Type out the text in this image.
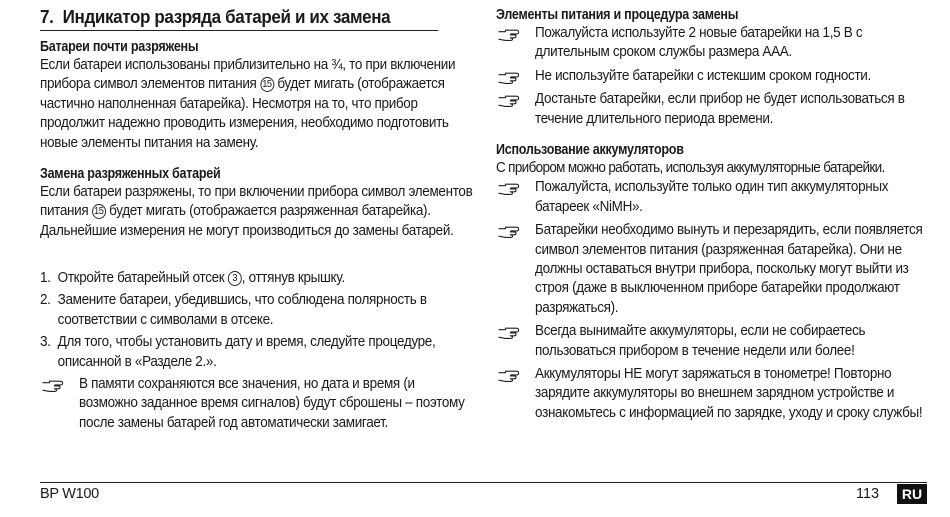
7. Индикатор разряда батарей и их замена
Батареи почти разряжены

Если батареи использованы приблизительно на ¾, то при включении прибора символ элементов питания 15 будет мигать (отображается частично наполненная батарейка). Несмотря на то, что прибор продолжит надежно проводить измерения, необходимо подготовить новые элементы питания на замену.

Замена разряженных батарей

Если батареи разряжены, то при включении прибора символ элементов питания 15 будет мигать (отображается разряженная батарейка). Дальнейшие измерения не могут производиться до замены батарей.

1. Откройте батарейный отсек 3 , оттянув крышку.
2. Замените батареи, убедившись, что соблюдена полярность в соответствии с символами в отсеке.
3. Для того, чтобы установить дату и время, следуйте процедуре, описанной в «Разделе 2.».
В памяти сохраняются все значения, но дата и время (и возможно заданное время сигналов) будут сброшены – поэтому после замены батарей год автоматически замигает.
Элементы питания и процедура замены
Пожалуйста используйте 2 новые батарейки на 1,5 В с длительным сроком службы размера ААА.
Не используйте батарейки с истекшим сроком годности.
Достаньте батарейки, если прибор не будет использоваться в течение длительного периода времени.
Использование аккумуляторов

С прибором можно работать, используя аккумуляторные батарейки.

Пожалуйста, используйте только один тип аккумуляторных батареек «NiMH».
Батарейки необходимо вынуть и перезарядить, если появляется символ элементов питания (разряженная батарейка). Они не должны оставаться внутри прибора, поскольку могут выйти из строя (даже в выключенном приборе батарейки продолжают разряжаться).
Всегда вынимайте аккумуляторы, если не собираетесь пользоваться прибором в течение недели или более!
Аккумуляторы НЕ могут заряжаться в тонометре! Повторно зарядите аккумуляторы во внешнем зарядном устройстве и ознакомьтесь с информацией по зарядке, уходу и сроку службы!
BP W100	113	RU
